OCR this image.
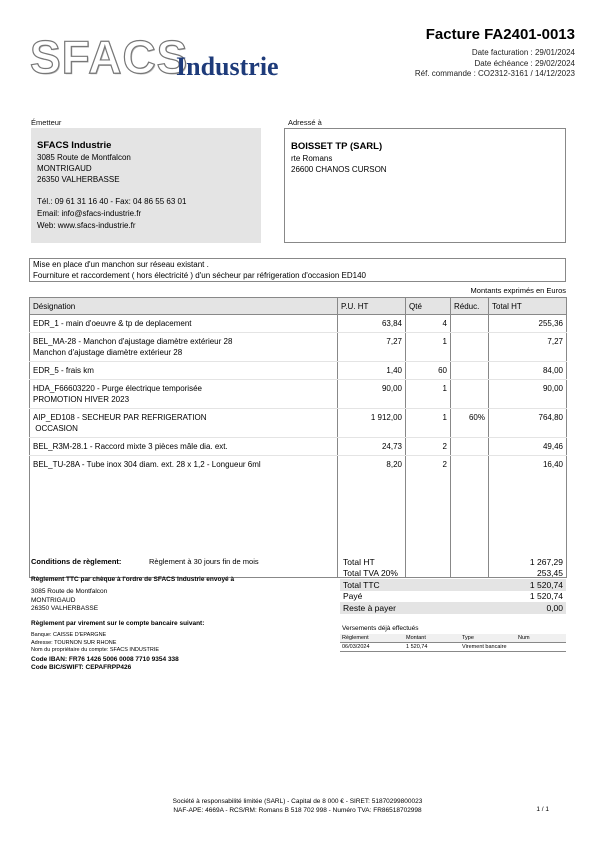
SFACS
Industrie
Facture FA2401-0013
Date facturation : 29/01/2024
Date échéance : 29/02/2024
Réf. commande : CO2312-3161 / 14/12/2023
Émetteur	Adressé à
SFACS Industrie
3085 Route de Montfalcon
MONTRIGAUD
26350 VALHERBASSE
Tél.: 09 61 31 16 40 - Fax: 04 86 55 63 01
Email: info@sfacs-industrie.fr
Web: www.sfacs-industrie.fr
BOISSET TP (SARL)
rte Romans
26600 CHANOS CURSON
Mise en place d'un manchon sur réseau existant .
Fourniture et raccordement ( hors électricité ) d'un sécheur par réfrigeration d'occasion ED140
Montants exprimés en Euros
Désignation	P.U. HT	Qté	Réduc.	Total HT

EDR_1 - main d'oeuvre & tp de deplacement	63,84	4		255,36

BEL_MA-28 - Manchon d'ajustage diamètre extérieur 28
Manchon d'ajustage diamètre extérieur 28	7,27	1		7,27

EDR_5 - frais km	1,40	60		84,00

HDA_F66603220 - Purge électrique temporisée
PROMOTION HIVER 2023	90,00	1		90,00

AIP_ED108 - SECHEUR PAR REFRIGERATION
OCCASION	1 912,00	1	60%	764,80

BEL_R3M-28.1 - Raccord mixte 3 pièces mâle dia. ext.	24,73	2		49,46

BEL_TU-28A - Tube inox 304 diam. ext. 28 x 1,2 - Longueur 6ml	8,20	2		16,40

Conditions de règlement:	Règlement à 30 jours fin de mois
Règlement TTC par chèque à l'ordre de SFACS Industrie envoyé à
3085 Route de Montfalcon
MONTRIGAUD
26350 VALHERBASSE
Règlement par virement sur le compte bancaire suivant:
Banque: CAISSE D'EPARGNE
Adresse: TOURNON SUR RHONE
Nom du propriétaire du compte: SFACS INDUSTRIE
Code IBAN: FR76 1426 5006 0008 7710 9354 338
Code BIC/SWIFT: CEPAFRPP426
Total HT	1 267,29
Total TVA 20%	253,45
Total TTC	1 520,74
Payé	1 520,74
Reste à payer	0,00
Versements déjà effectués
Règlement	Montant	Type	Num
06/03/2024	1 520,74	Virement bancaire	
Société à responsabilité limitée (SARL) - Capital de 8 000 € - SIRET: 51870299800023
NAF-APE: 4669A - RCS/RM: Romans B 518 702 998 - Numéro TVA: FR86518702998	1 / 1
